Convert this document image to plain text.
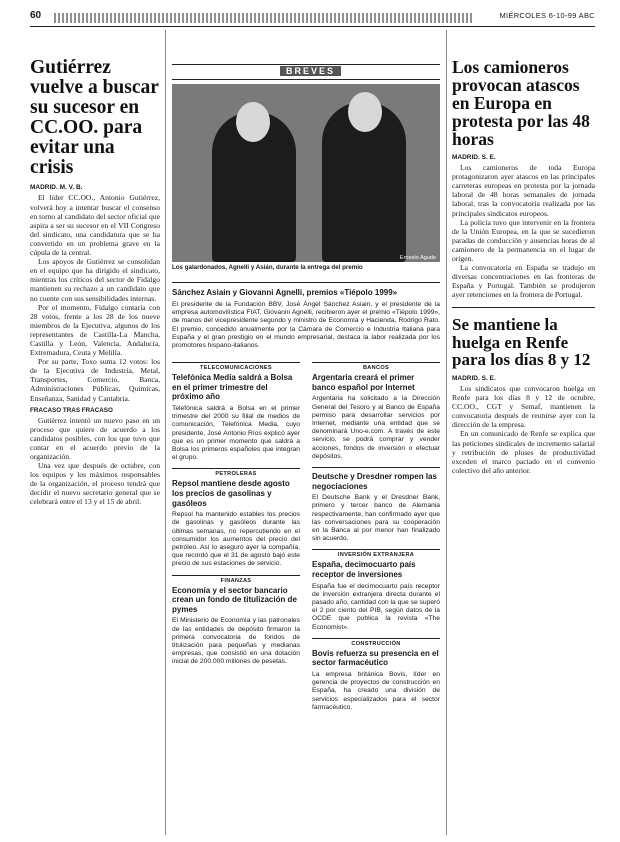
60	MIÉRCOLES 6-10-99 ABC
Gutiérrez vuelve a buscar su sucesor en CC.OO. para evitar una crisis
MADRID. M. V. B.

El líder CC.OO., Antonio Gutiérrez, volverá hoy a intentar buscar el consenso en torno al candidato del sector oficial que aspira a ser su sucesor en el VII Congreso del sindicato, una candidatura que se ha convertido en un problema grave en la cúpula de la central.

Los apoyos de Gutiérrez se consolidan en el equipo que ha dirigido el sindicato, mientras los críticos del sector de Fidalgo mantienen su rechazo a un candidato que no cuente con sus sensibilidades internas.

Por el momento, Fidalgo contaría con 28 votos, frente a los 28 de los nueve miembros de la Ejecutiva, algunos de los representantes de Castilla-La Mancha, Castilla y León, Valencia, Andalucía, Extremadura, Ceuta y Melilla.

Por su parte, Toxo suma 12 votos: los de la Ejecutiva de Industria, Metal, Transportes, Comercio, Banca, Administraciones Públicas, Químicas, Enseñanza, Sanidad y Cantabria.

FRACASO TRAS FRACASO

Gutiérrez intentó un nuevo paso en un proceso que quiere de acuerdo a los candidatos posibles, con los que tuvo que contar en el acuerdo previo de la organización.

Una vez que después de octubre, con los equipos y los máximos responsables de la organización, el proceso tendrá que decidir el nuevo secretario general que se celebrará entre el 13 y el 15 de abril.

BREVES
Ernesto Agudo
Los galardonados, Agnelli y Asián, durante la entrega del premio
Sánchez Asiain y Giovanni Agnelli, premios «Tiépolo 1999»

El presidente de la Fundación BBV, José Ángel Sánchez Asiain, y el presidente de la empresa automovilística FIAT, Giovanni Agnelli, recibieron ayer el premio «Tiépolo 1999», de manos del vicepresidente segundo y ministro de Economía y Hacienda, Rodrigo Rato. El premio, concedido anualmente por la Cámara de Comercio e Industria Italiana para España y el gran prestigio en el mundo empresarial, destaca la labor realizada por los promotores hispano-italianos.

TELECOMUNICACIONES
Telefónica Media saldrá a Bolsa en el primer trimestre del próximo año

Telefónica saldrá a Bolsa en el primer trimestre del 2000 su filial de medios de comunicación, Telefónica Media, cuyo presidente, José Antonio Ríos explicó ayer que es un primer momento que saldrá a Bolsa los primeros españoles que integran el grupo.

PETROLERAS
Repsol mantiene desde agosto los precios de gasolinas y gasóleos

Repsol ha mantenido estables los precios de gasolinas y gasóleos durante las últimas semanas, no repercutiendo en el consumidor los aumentos del precio del petróleo. Así lo aseguró ayer la compañía, que recordó que el 31 de agosto bajó este precio de sus estaciones de servicio.

FINANZAS
Economía y el sector bancario crean un fondo de titulización de pymes

El Ministerio de Economía y las patronales de las entidades de depósito firmaron la primera convocatoria de fondos de titulización para pequeñas y medianas empresas, que consistió en una dotación inicial de 200.000 millones de pesetas.

BANCOS
Argentaria creará el primer banco español por Internet

Argentaria ha solicitado a la Dirección General del Tesoro y al Banco de España permiso para desarrollar servicios por Internet, mediante una entidad que se denominará Uno-e.com. A través de este servicio, se podrá comprar y vender acciones, fondos de inversión o efectuar depósitos.

Deutsche y Dresdner rompen las negociaciones

El Deutsche Bank y el Dresdner Bank, primero y tercer banco de Alemania respectivamente, han confirmado ayer que las conversaciones para su cooperación en la Banca al por menor han finalizado sin acuerdo.

INVERSIÓN EXTRANJERA
España, decimocuarto país receptor de inversiones

España fue el decimocuarto país receptor de inversión extranjera directa durante el pasado año, cantidad con la que se superó el 2 por ciento del PIB, según datos de la OCDE que publica la revista «The Economist».

CONSTRUCCIÓN
Bovis refuerza su presencia en el sector farmacéutico

La empresa británica Bovis, líder en gerencia de proyectos de construcción en España, ha creado una división de servicios especializados para el sector farmacéutico.

Los camioneros provocan atascos en Europa en protesta por las 48 horas
MADRID. S. E.

Los camioneros de toda Europa protagonizaron ayer atascos en las principales carreteras europeas en protesta por la jornada laboral de 48 horas semanales de jornada laboral, tras la convocatoria realizada por las principales sindicatos europeos.

La policía tuvo que intervenir en la frontera de la Unión Europea, en la que se sucedieron paradas de conducción y ausencias horas de al camionero de la permanencia en el lugar de origen.

La convocatoria en España se tradujo en diversas concentraciones en las fronteras de España y Portugal. También se produjeron ayer retenciones en la frontera de Portugal.

Se mantiene la huelga en Renfe para los días 8 y 12
MADRID. S. E.

Los sindicatos que convocaron huelga en Renfe para los días 8 y 12 de octubre, CC.OO., CGT y Semaf, mantienen la convocatoria después de reunirse ayer con la dirección de la empresa.

En un comunicado de Renfe se explica que las peticiones sindicales de incremento salarial y retribución de pluses de productividad exceden el marco pactado en el convenio colectivo del año anterior.
